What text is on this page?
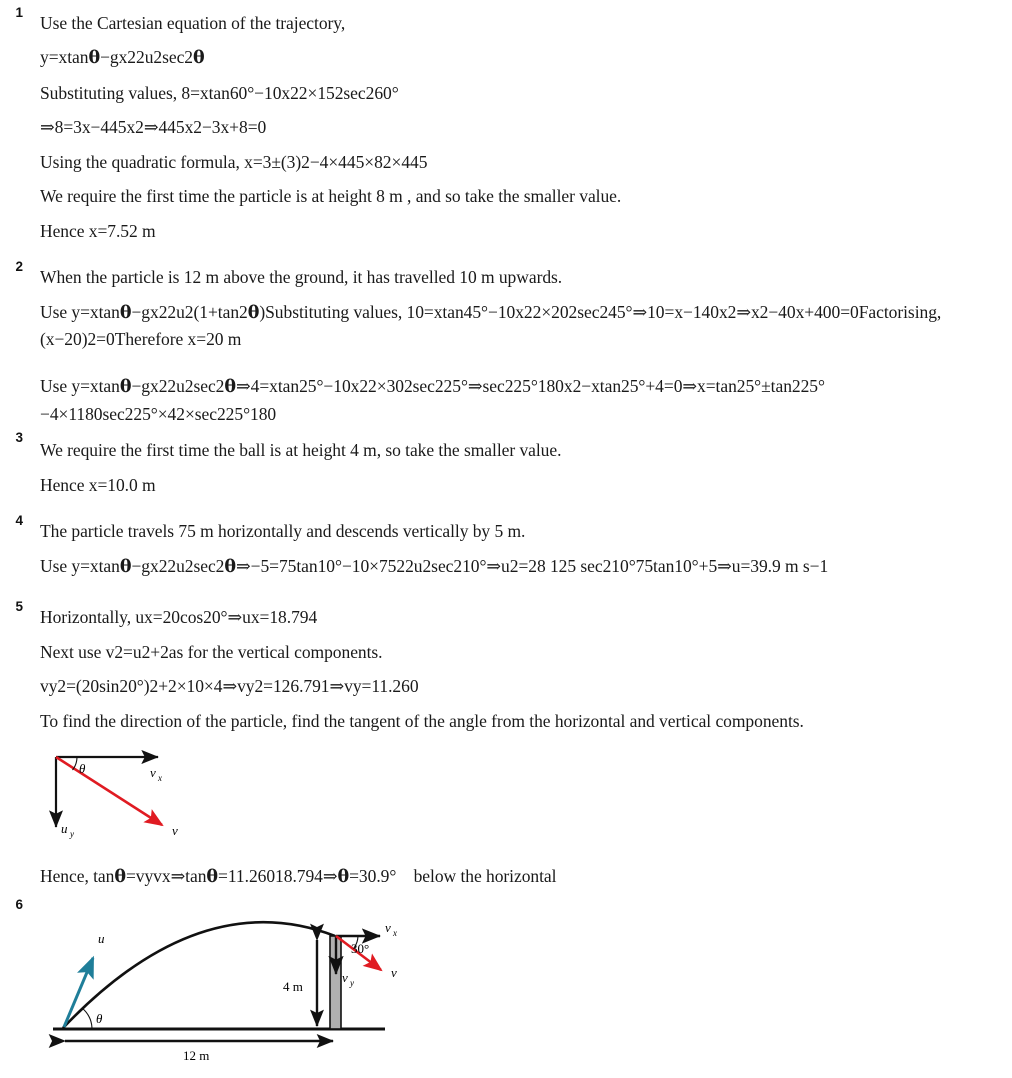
1
Use the Cartesian equation of the trajectory,
y=xtanθ−gx22u2sec2θ
Substituting values, 8=xtan60°−10x22×152sec260°
⇒8=3x−445x2⇒445x2−3x+8=0
Using the quadratic formula, x=3±(3)2−4×445×82×445
We require the first time the particle is at height 8 m , and so take the smaller value.
Hence x=7.52 m
2
When the particle is 12 m above the ground, it has travelled 10 m upwards.
Use y=xtanθ−gx22u2(1+tan2θ)Substituting values, 10=xtan45°−10x22×202sec245°⇒10=x−140x2⇒x2−40x+400=0Factorising, (x−20)2=0Therefore x=20 m
3
Use y=xtanθ−gx22u2sec2θ⇒4=xtan25°−10x22×302sec225°⇒sec225°180x2−xtan25°+4=0⇒x=tan25°±tan225°−4×1180sec225°×42×sec225°180
We require the first time the ball is at height 4 m, so take the smaller value.
Hence x=10.0 m
4
The particle travels 75 m horizontally and descends vertically by 5 m.
Use y=xtanθ−gx22u2sec2θ⇒−5=75tan10°−10×7522u2sec210°⇒u2=28 125 sec210°75tan10°+5⇒u=39.9 m s−1
5
Horizontally, ux=20cos20°⇒ux=18.794
Next use v2=u2+2as for the vertical components.
vy2=(20sin20°)2+2×10×4⇒vy2=126.791⇒vy=11.260
To find the direction of the particle, find the tangent of the angle from the horizontal and vertical components.
θ	v x
u y	v
Hence, tanθ=vyvx⇒tanθ=11.26018.794⇒θ=30.9°    below the horizontal
6
4 m
12 m
u
θ
v x
v y
v
30°
